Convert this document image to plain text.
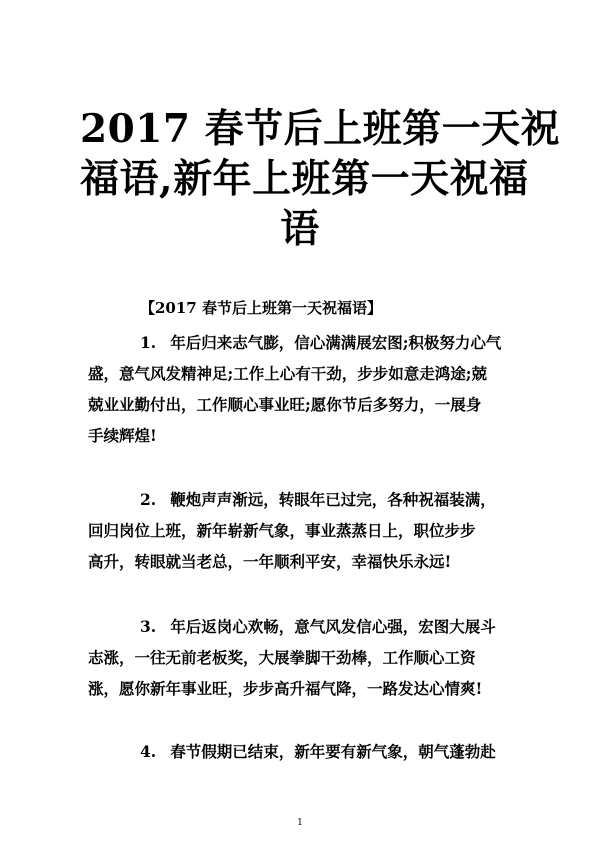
2017 春节后上班第一天祝
福语,新年上班第一天祝福
语

【2017 春节后上班第一天祝福语】

1. 年后归来志气膨，信心满满展宏图;积极努力心气
盛，意气风发精神足;工作上心有干劲，步步如意走鸿途;兢
兢业业勤付出，工作顺心事业旺;愿你节后多努力，一展身
手续辉煌!
2. 鞭炮声声渐远，转眼年已过完，各种祝福装满，
回归岗位上班，新年崭新气象，事业蒸蒸日上，职位步步
高升，转眼就当老总，一年顺利平安，幸福快乐永远!
3. 年后返岗心欢畅，意气风发信心强，宏图大展斗
志涨，一往无前老板奖，大展拳脚干劲棒，工作顺心工资
涨，愿你新年事业旺，步步高升福气降，一路发达心情爽!
4. 春节假期已结束，新年要有新气象，朝气蓬勃赴

1
